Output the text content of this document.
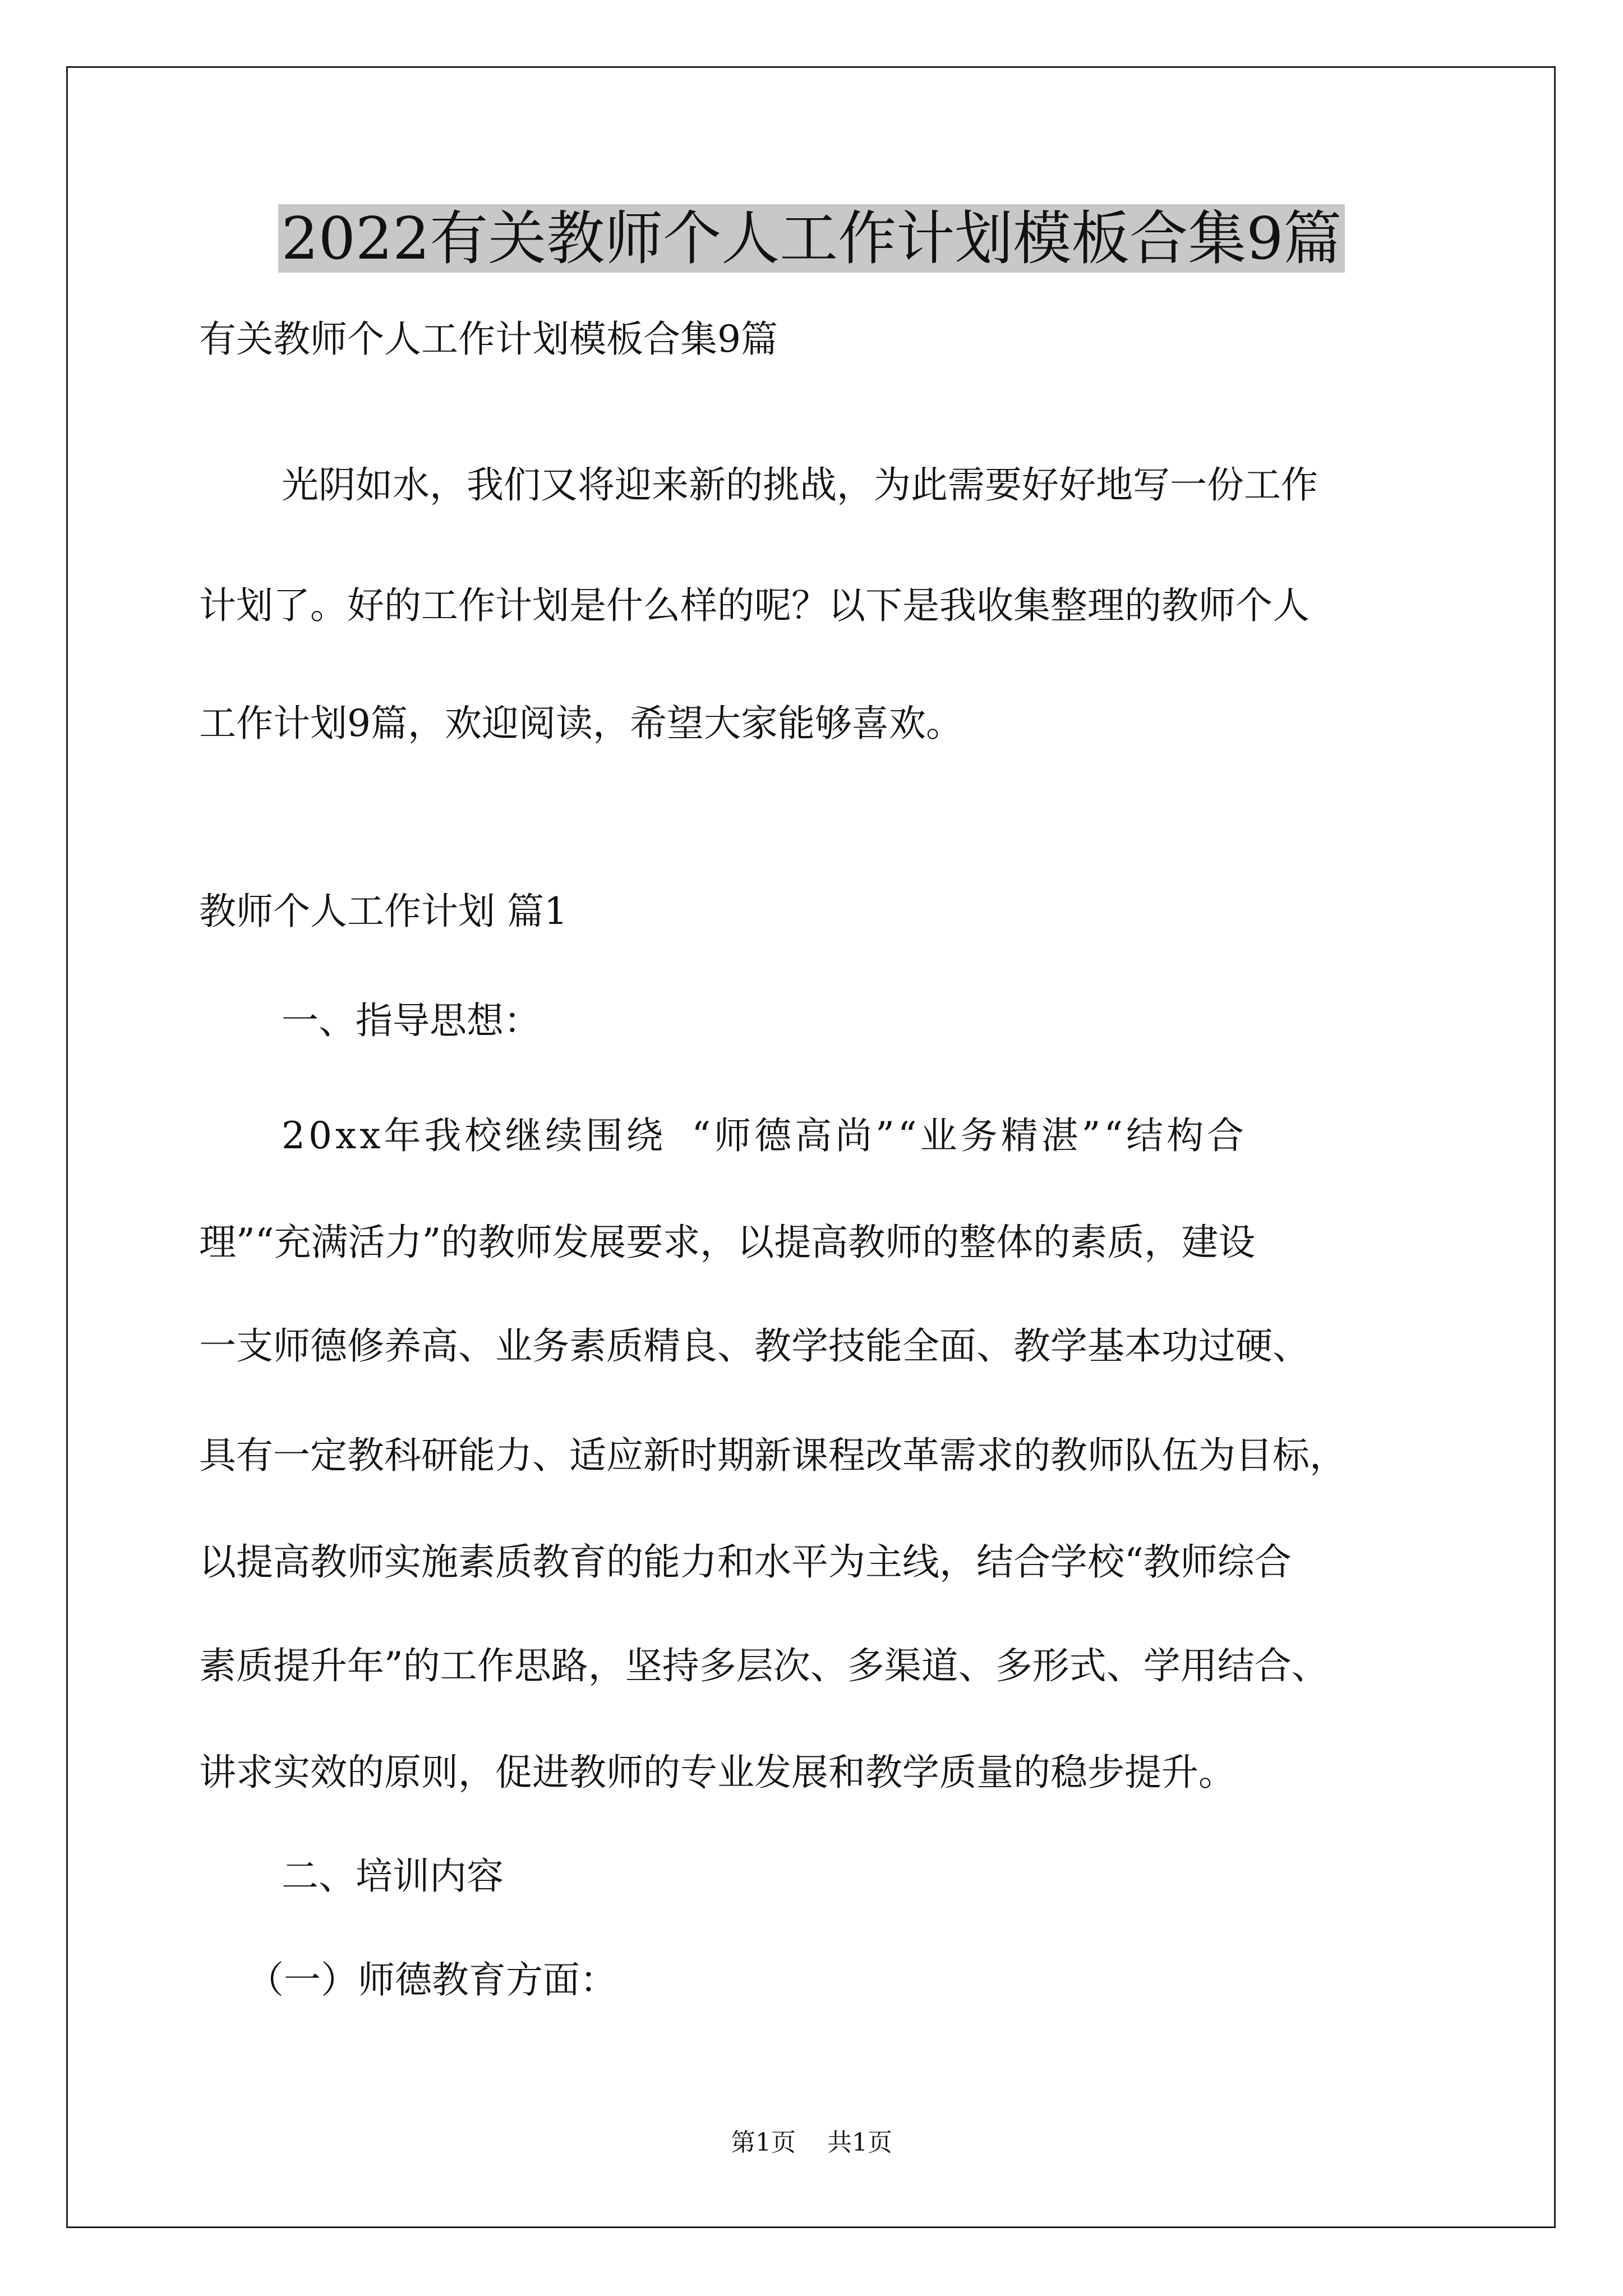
2022有关教师个人工作计划模板合集9篇

有关教师个人工作计划模板合集9篇

光阴如水，我们又将迎来新的挑战，为此需要好好地写一份工作

计划了。好的工作计划是什么样的呢？以下是我收集整理的教师个人

工作计划9篇，欢迎阅读，希望大家能够喜欢。

教师个人工作计划 篇1

一、指导思想：

20xx年我校继续围绕 “师德高尚”“业务精湛”“结构合

理”“充满活力”的教师发展要求，以提高教师的整体的素质，建设

一支师德修养高、业务素质精良、教学技能全面、教学基本功过硬、

具有一定教科研能力、适应新时期新课程改革需求的教师队伍为目标，

以提高教师实施素质教育的能力和水平为主线，结合学校“教师综合

素质提升年”的工作思路，坚持多层次、多渠道、多形式、学用结合、

讲求实效的原则，促进教师的专业发展和教学质量的稳步提升。

二、培训内容

（一）师德教育方面：

第1页 共1页
